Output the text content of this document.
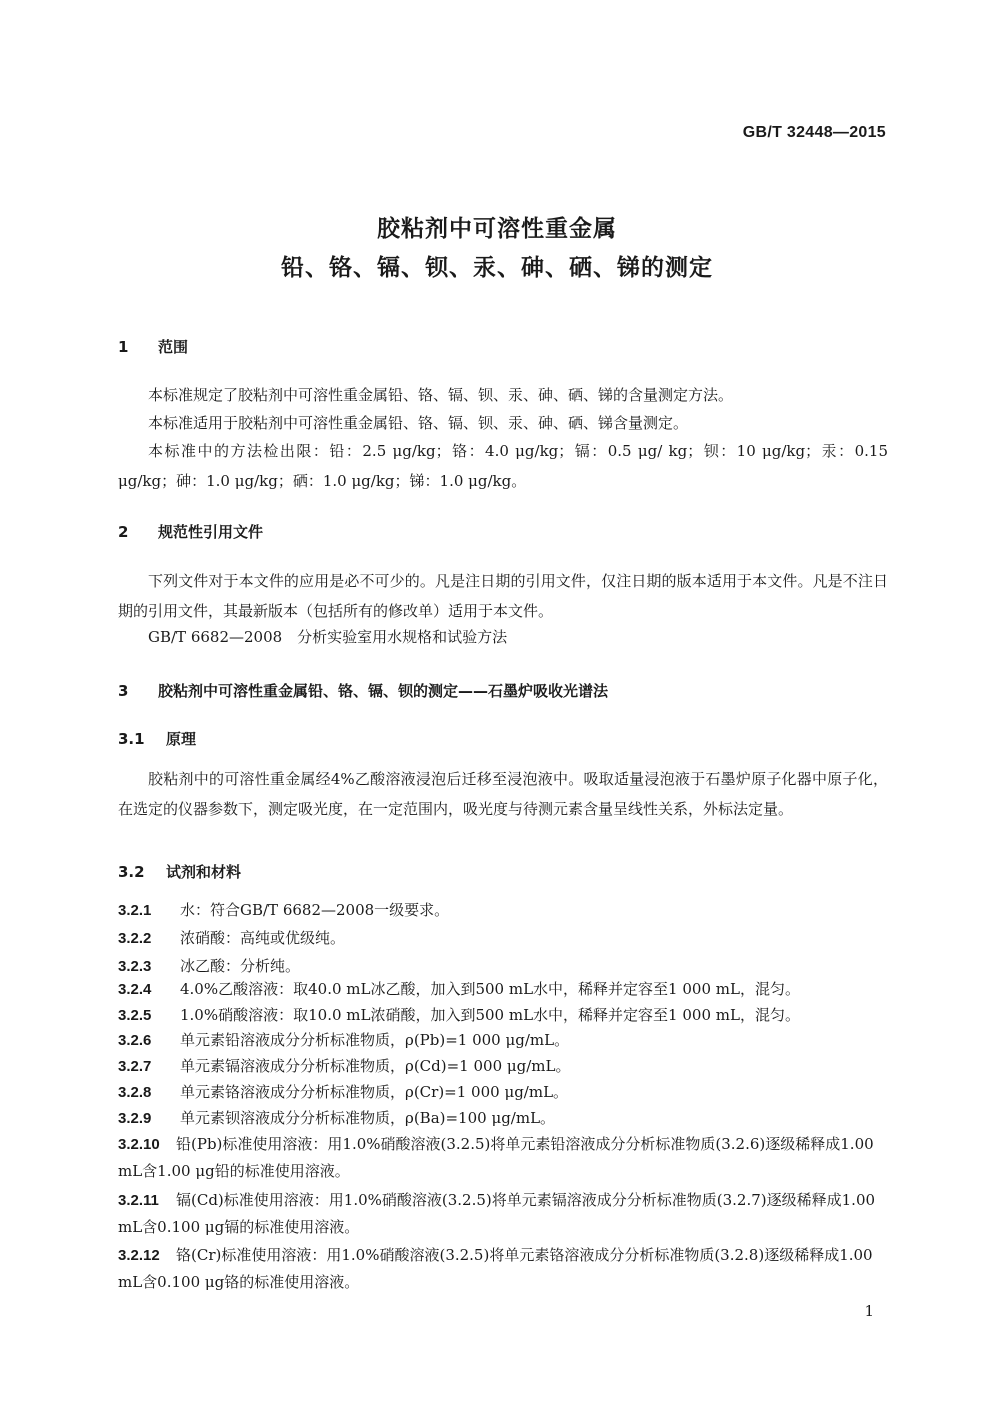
GB/T 32448—2015
胶粘剂中可溶性重金属
铅、铬、镉、钡、汞、砷、硒、锑的测定
1 范围
本标准规定了胶粘剂中可溶性重金属铅、铬、镉、钡、汞、砷、硒、锑的含量测定方法。
本标准适用于胶粘剂中可溶性重金属铅、铬、镉、钡、汞、砷、硒、锑含量测定。
本标准中的方法检出限：铅：2.5 μg/kg；铬：4.0 μg/kg；镉：0.5 μg/ kg；钡：10 μg/kg；汞：0.15 μg/kg；砷：1.0 μg/kg；硒：1.0 μg/kg；锑：1.0 μg/kg。
2 规范性引用文件
下列文件对于本文件的应用是必不可少的。凡是注日期的引用文件，仅注日期的版本适用于本文件。凡是不注日期的引用文件，其最新版本（包括所有的修改单）适用于本文件。
GB/T 6682—2008　分析实验室用水规格和试验方法
3 胶粘剂中可溶性重金属铅、铬、镉、钡的测定——石墨炉吸收光谱法
3.1 原理
胶粘剂中的可溶性重金属经4%乙酸溶液浸泡后迁移至浸泡液中。吸取适量浸泡液于石墨炉原子化器中原子化，在选定的仪器参数下，测定吸光度，在一定范围内，吸光度与待测元素含量呈线性关系，外标法定量。
3.2 试剂和材料
3.2.1 水：符合GB/T 6682—2008一级要求。
3.2.2 浓硝酸：高纯或优级纯。
3.2.3 冰乙酸：分析纯。
3.2.4 4.0%乙酸溶液：取40.0 mL冰乙酸，加入到500 mL水中，稀释并定容至1 000 mL，混匀。
3.2.5 1.0%硝酸溶液：取10.0 mL浓硝酸，加入到500 mL水中，稀释并定容至1 000 mL，混匀。
3.2.6 单元素铅溶液成分分析标准物质，ρ(Pb)=1 000 μg/mL。
3.2.7 单元素镉溶液成分分析标准物质，ρ(Cd)=1 000 μg/mL。
3.2.8 单元素铬溶液成分分析标准物质，ρ(Cr)=1 000 μg/mL。
3.2.9 单元素钡溶液成分分析标准物质，ρ(Ba)=100 μg/mL。
3.2.10 铅(Pb)标准使用溶液：用1.0%硝酸溶液(3.2.5)将单元素铅溶液成分分析标准物质(3.2.6)逐级稀释成1.00 mL含1.00 μg铅的标准使用溶液。
3.2.11 镉(Cd)标准使用溶液：用1.0%硝酸溶液(3.2.5)将单元素镉溶液成分分析标准物质(3.2.7)逐级稀释成1.00 mL含0.100 μg镉的标准使用溶液。
3.2.12 铬(Cr)标准使用溶液：用1.0%硝酸溶液(3.2.5)将单元素铬溶液成分分析标准物质(3.2.8)逐级稀释成1.00 mL含0.100 μg铬的标准使用溶液。
1
